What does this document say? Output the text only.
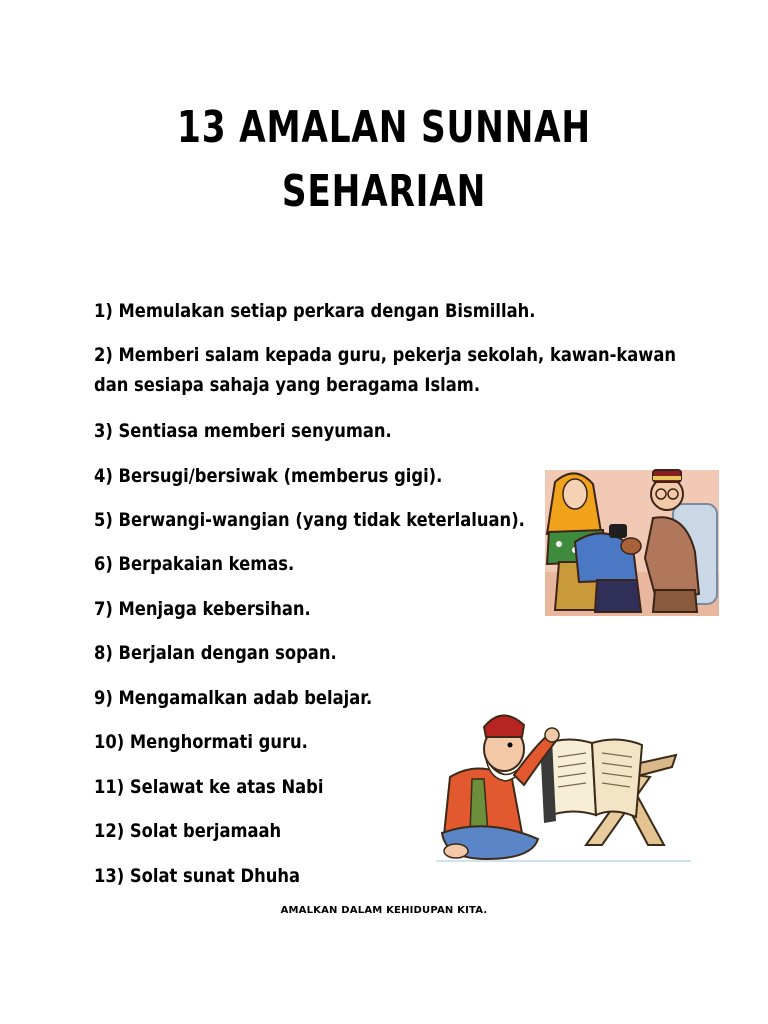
13 AMALAN SUNNAH
SEHARIAN
1) Memulakan setiap perkara dengan Bismillah.
2) Memberi salam kepada guru, pekerja sekolah, kawan-kawan
dan sesiapa sahaja yang beragama Islam.
3) Sentiasa memberi senyuman.
4) Bersugi/bersiwak (memberus gigi).
5) Berwangi-wangian (yang tidak keterlaluan).
6) Berpakaian kemas.
7) Menjaga kebersihan.
8) Berjalan dengan sopan.
9) Mengamalkan adab belajar.
10) Menghormati guru.
11) Selawat ke atas Nabi
12) Solat berjamaah
13) Solat sunat Dhuha
AMALKAN DALAM KEHIDUPAN KITA.
